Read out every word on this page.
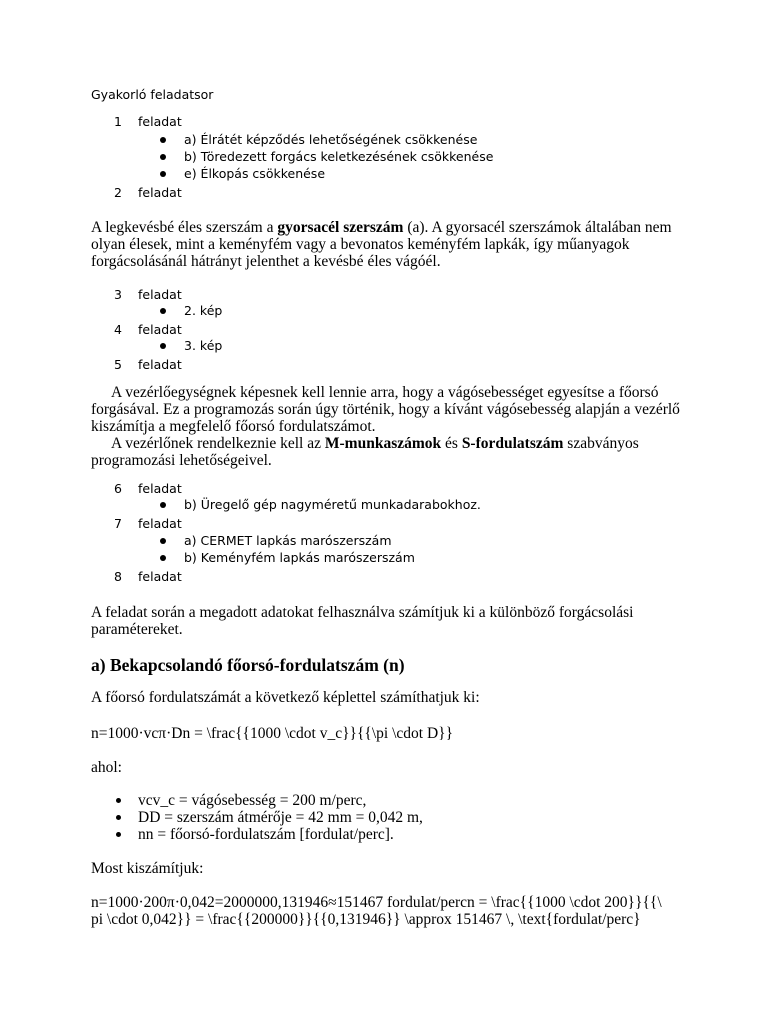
Gyakorló feladatsor
1 feladat
a) Élrátét képződés lehetőségének csökkenése
b) Töredezett forgács keletkezésének csökkenése
e) Élkopás csökkenése
2 feladat
A legkevésbé éles szerszám a gyorsacél szerszám (a). A gyorsacél szerszámok általában nem olyan élesek, mint a keményfém vagy a bevonatos keményfém lapkák, így műanyagok forgácsolásánál hátrányt jelenthet a kevésbé éles vágóél.
3 feladat
2. kép
4 feladat
3. kép
5 feladat
A vezérlőegységnek képesnek kell lennie arra, hogy a vágósebességet egyesítse a főorsó forgásával. Ez a programozás során úgy történik, hogy a kívánt vágósebesség alapján a vezérlő kiszámítja a megfelelő főorsó fordulatszámot.
A vezérlőnek rendelkeznie kell az M-munkaszámok és S-fordulatszám szabványos programozási lehetőségeivel.
6 feladat
b) Üregelő gép nagyméretű munkadarabokhoz.
7 feladat
a) CERMET lapkás marószerszám
b) Keményfém lapkás marószerszám
8 feladat
A feladat során a megadott adatokat felhasználva számítjuk ki a különböző forgácsolási paramétereket.
a) Bekapcsolandó főorsó-fordulatszám (n)
A főorsó fordulatszámát a következő képlettel számíthatjuk ki:
n=1000·vcπ·Dn = \frac{{1000 \cdot v_c}}{{\pi \cdot D}}
ahol:
vcv_c = vágósebesség = 200 m/perc,
DD = szerszám átmérője = 42 mm = 0,042 m,
nn = főorsó-fordulatszám [fordulat/perc].
Most kiszámítjuk:
n=1000·200π·0,042=2000000,131946≈151467 fordulat/percn = \frac{{1000 \cdot 200}}{{\
pi \cdot 0,042}} = \frac{{200000}}{{0,131946}} \approx 151467 \, \text{fordulat/perc}
